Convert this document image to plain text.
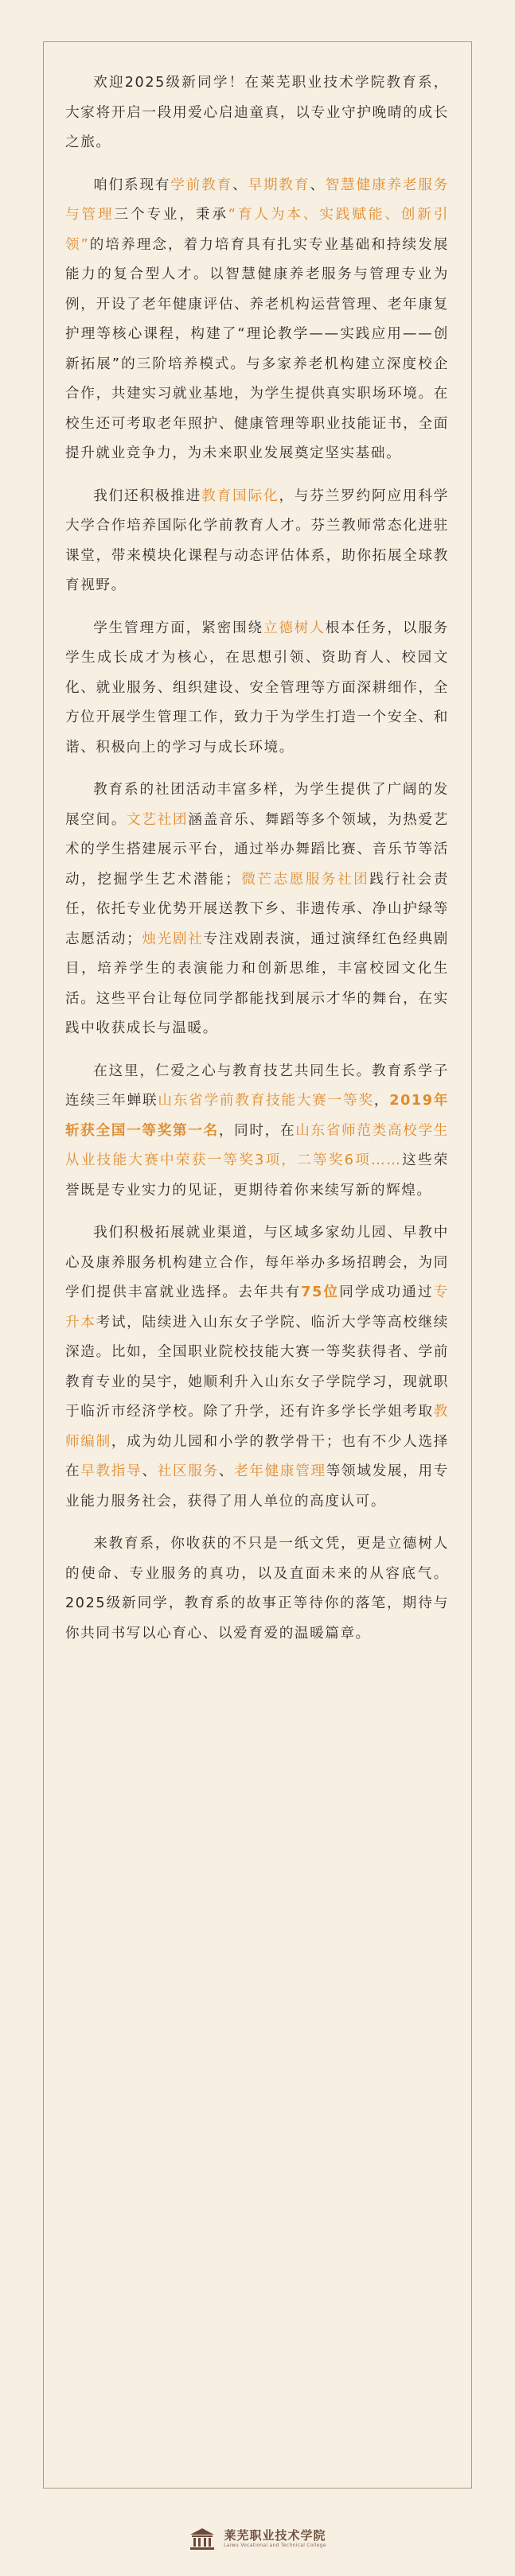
欢迎2025级新同学！在莱芜职业技术学院教育系，大家将开启一段用爱心启迪童真，以专业守护晚晴的成长之旅。

咱们系现有学前教育、早期教育、智慧健康养老服务与管理三个专业，秉承“育人为本、实践赋能、创新引领”的培养理念，着力培育具有扎实专业基础和持续发展能力的复合型人才。以智慧健康养老服务与管理专业为例，开设了老年健康评估、养老机构运营管理、老年康复护理等核心课程，构建了“理论教学——实践应用——创新拓展”的三阶培养模式。与多家养老机构建立深度校企合作，共建实习就业基地，为学生提供真实职场环境。在校生还可考取老年照护、健康管理等职业技能证书，全面提升就业竞争力，为未来职业发展奠定坚实基础。

我们还积极推进教育国际化，与芬兰罗约阿应用科学大学合作培养国际化学前教育人才。芬兰教师常态化进驻课堂，带来模块化课程与动态评估体系，助你拓展全球教育视野。

学生管理方面，紧密围绕立德树人根本任务，以服务学生成长成才为核心，在思想引领、资助育人、校园文化、就业服务、组织建设、安全管理等方面深耕细作，全方位开展学生管理工作，致力于为学生打造一个安全、和谐、积极向上的学习与成长环境。

教育系的社团活动丰富多样，为学生提供了广阔的发展空间。文艺社团涵盖音乐、舞蹈等多个领域，为热爱艺术的学生搭建展示平台，通过举办舞蹈比赛、音乐节等活动，挖掘学生艺术潜能；微芒志愿服务社团践行社会责任，依托专业优势开展送教下乡、非遗传承、净山护绿等志愿活动；烛光剧社专注戏剧表演，通过演绎红色经典剧目，培养学生的表演能力和创新思维，丰富校园文化生活。这些平台让每位同学都能找到展示才华的舞台，在实践中收获成长与温暖。

在这里，仁爱之心与教育技艺共同生长。教育系学子连续三年蝉联山东省学前教育技能大赛一等奖，2019年斩获全国一等奖第一名，同时，在山东省师范类高校学生从业技能大赛中荣获一等奖3项，二等奖6项……这些荣誉既是专业实力的见证，更期待着你来续写新的辉煌。

我们积极拓展就业渠道，与区域多家幼儿园、早教中心及康养服务机构建立合作，每年举办多场招聘会，为同学们提供丰富就业选择。去年共有75位同学成功通过专升本考试，陆续进入山东女子学院、临沂大学等高校继续深造。比如，全国职业院校技能大赛一等奖获得者、学前教育专业的吴宇，她顺利升入山东女子学院学习，现就职于临沂市经济学校。除了升学，还有许多学长学姐考取教师编制，成为幼儿园和小学的教学骨干；也有不少人选择在早教指导、社区服务、老年健康管理等领域发展，用专业能力服务社会，获得了用人单位的高度认可。

来教育系，你收获的不只是一纸文凭，更是立德树人的使命、专业服务的真功，以及直面未来的从容底气。2025级新同学，教育系的故事正等待你的落笔，期待与你共同书写以心育心、以爱育爱的温暖篇章。

莱芜职业技术学院
Laiwu Vocational and Technical College
